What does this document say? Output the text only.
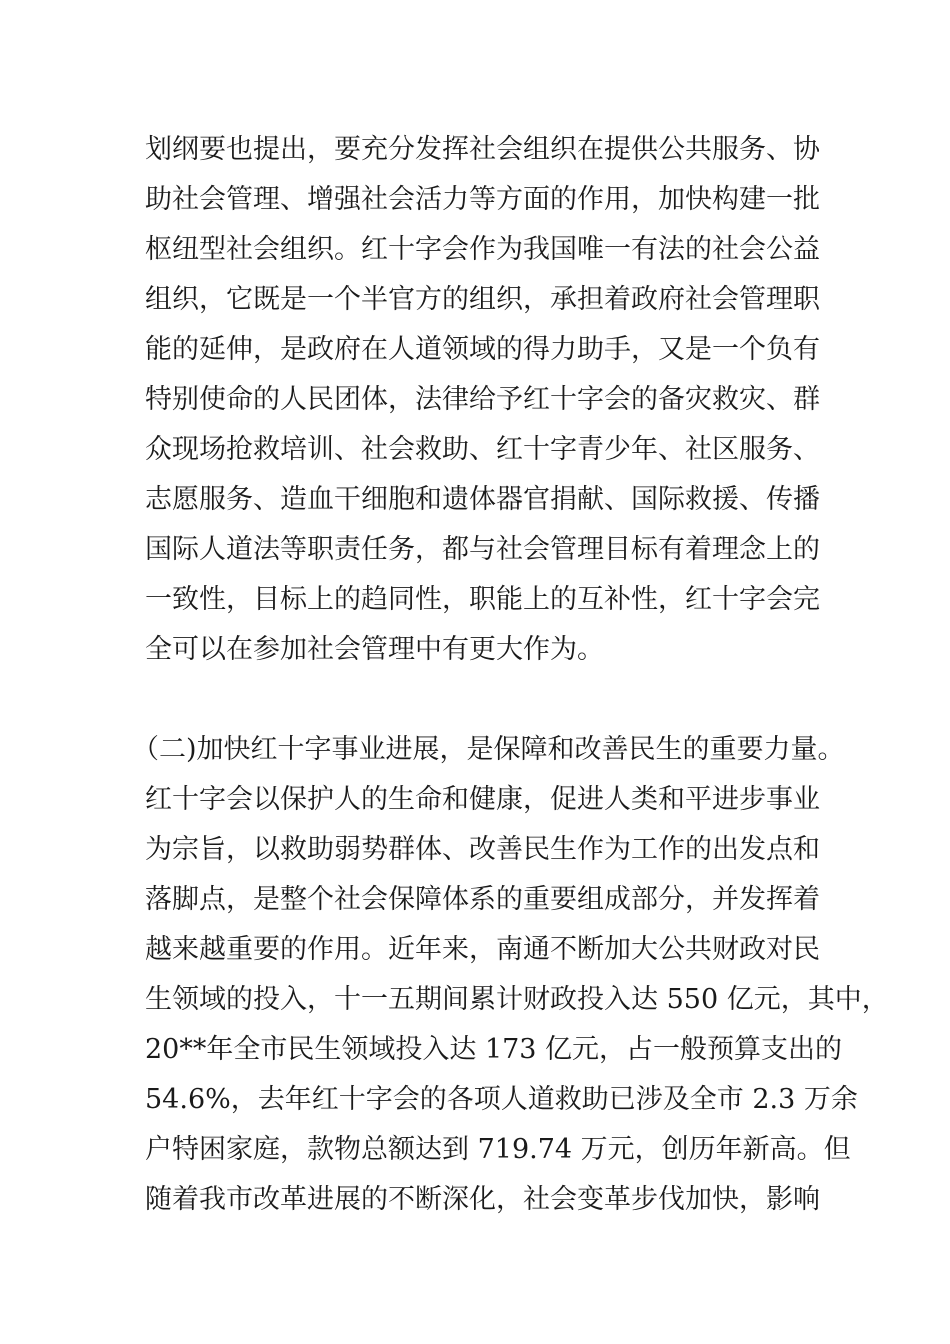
划纲要也提出，要充分发挥社会组织在提供公共服务、协

助社会管理、增强社会活力等方面的作用，加快构建一批

枢纽型社会组织。红十字会作为我国唯一有法的社会公益

组织，它既是一个半官方的组织，承担着政府社会管理职

能的延伸，是政府在人道领域的得力助手，又是一个负有

特别使命的人民团体，法律给予红十字会的备灾救灾、群

众现场抢救培训、社会救助、红十字青少年、社区服务、

志愿服务、造血干细胞和遗体器官捐献、国际救援、传播

国际人道法等职责任务，都与社会管理目标有着理念上的

一致性，目标上的趋同性，职能上的互补性，红十字会完

全可以在参加社会管理中有更大作为。

（二)加快红十字事业进展，是保障和改善民生的重要力量。

红十字会以保护人的生命和健康，促进人类和平进步事业

为宗旨，以救助弱势群体、改善民生作为工作的出发点和

落脚点，是整个社会保障体系的重要组成部分，并发挥着

越来越重要的作用。近年来，南通不断加大公共财政对民

生领域的投入，十一五期间累计财政投入达 550 亿元，其中，

20**年全市民生领域投入达 173 亿元，占一般预算支出的

54.6%，去年红十字会的各项人道救助已涉及全市 2.3 万余

户特困家庭，款物总额达到 719.74 万元，创历年新高。但

随着我市改革进展的不断深化，社会变革步伐加快，影响
